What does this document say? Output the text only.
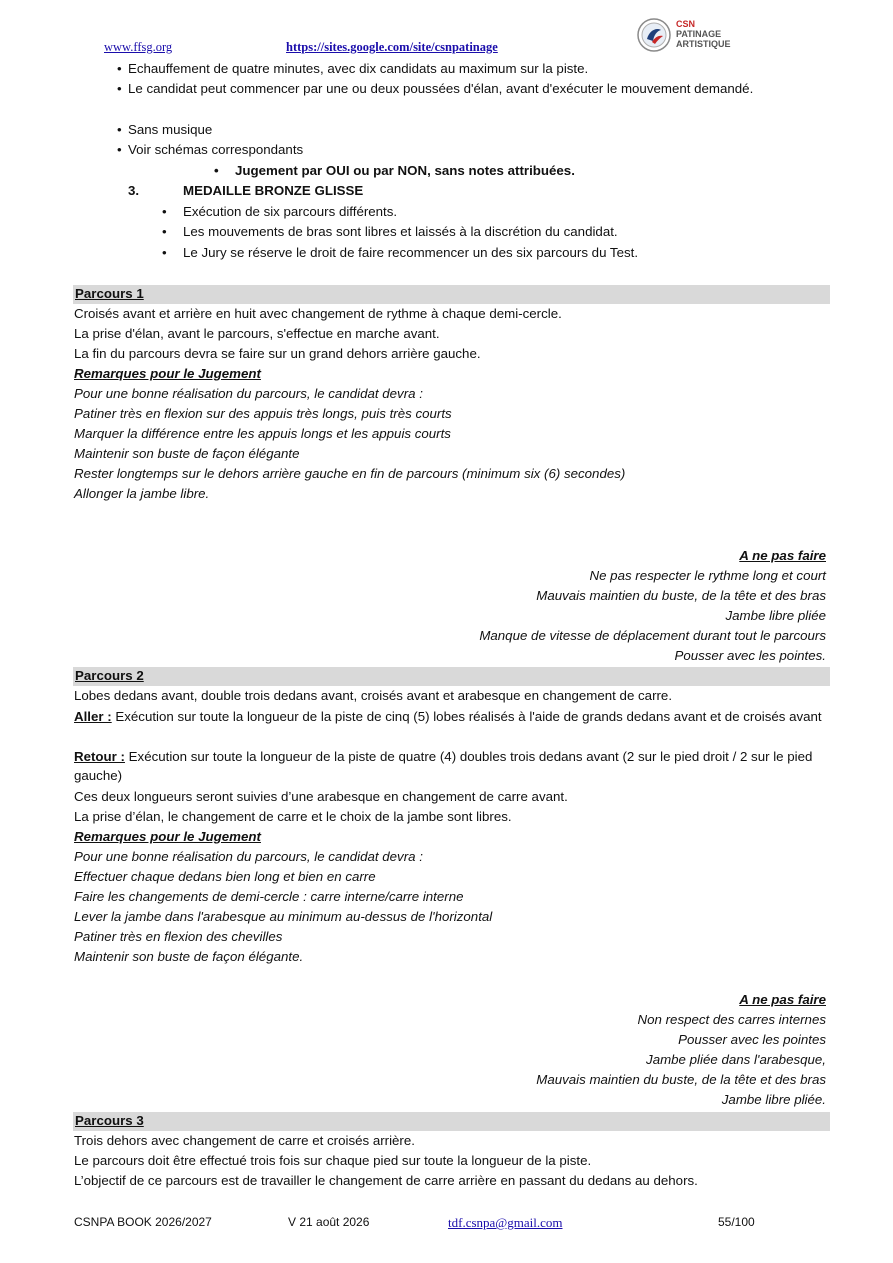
www.ffsg.org	https://sites.google.com/site/csnpatinage
CSN
PATINAGE
ARTISTIQUE
• Echauffement de quatre minutes, avec dix candidats au maximum sur la piste.
• Le candidat peut commencer par une ou deux poussées d'élan, avant d'exécuter le mouvement demandé.
• Sans musique
• Voir schémas correspondants
• Jugement par OUI ou par NON, sans notes attribuées.
3.	MEDAILLE BRONZE GLISSE
• Exécution de six parcours différents.
• Les mouvements de bras sont libres et laissés à la discrétion du candidat.
• Le Jury se réserve le droit de faire recommencer un des six parcours du Test.
Parcours 1
Croisés avant et arrière en huit avec changement de rythme à chaque demi-cercle.
La prise d'élan, avant le parcours, s'effectue en marche avant.
La fin du parcours devra se faire sur un grand dehors arrière gauche.
Remarques pour le Jugement
Pour une bonne réalisation du parcours, le candidat devra :
Patiner très en flexion sur des appuis très longs, puis très courts
Marquer la différence entre les appuis longs et les appuis courts
Maintenir son buste de façon élégante
Rester longtemps sur le dehors arrière gauche en fin de parcours (minimum six (6) secondes)
Allonger la jambe libre.
A ne pas faire
Ne pas respecter le rythme long et court
Mauvais maintien du buste, de la tête et des bras
Jambe libre pliée
Manque de vitesse de déplacement durant tout le parcours
Pousser avec les pointes.
Parcours 2
Lobes dedans avant, double trois dedans avant, croisés avant et arabesque en changement de carre.
Aller : Exécution sur toute la longueur de la piste de cinq (5) lobes réalisés à l'aide de grands dedans avant et de croisés avant
Retour : Exécution sur toute la longueur de la piste de quatre (4) doubles trois dedans avant (2 sur le pied droit / 2 sur le pied gauche)
Ces deux longueurs seront suivies d’une arabesque en changement de carre avant.
La prise d’élan, le changement de carre et le choix de la jambe sont libres.
Remarques pour le Jugement
Pour une bonne réalisation du parcours, le candidat devra :
Effectuer chaque dedans bien long et bien en carre
Faire les changements de demi-cercle : carre interne/carre interne
Lever la jambe dans l'arabesque au minimum au-dessus de l'horizontal
Patiner très en flexion des chevilles
Maintenir son buste de façon élégante.
A ne pas faire
Non respect des carres internes
Pousser avec les pointes
Jambe pliée dans l'arabesque,
Mauvais maintien du buste, de la tête et des bras
Jambe libre pliée.
Parcours 3
Trois dehors avec changement de carre et croisés arrière.
Le parcours doit être effectué trois fois sur chaque pied sur toute la longueur de la piste.
L’objectif de ce parcours est de travailler le changement de carre arrière en passant du dedans au dehors.
CSNPA BOOK 2026/2027	V 21 août 2026	tdf.csnpa@gmail.com	55/100
